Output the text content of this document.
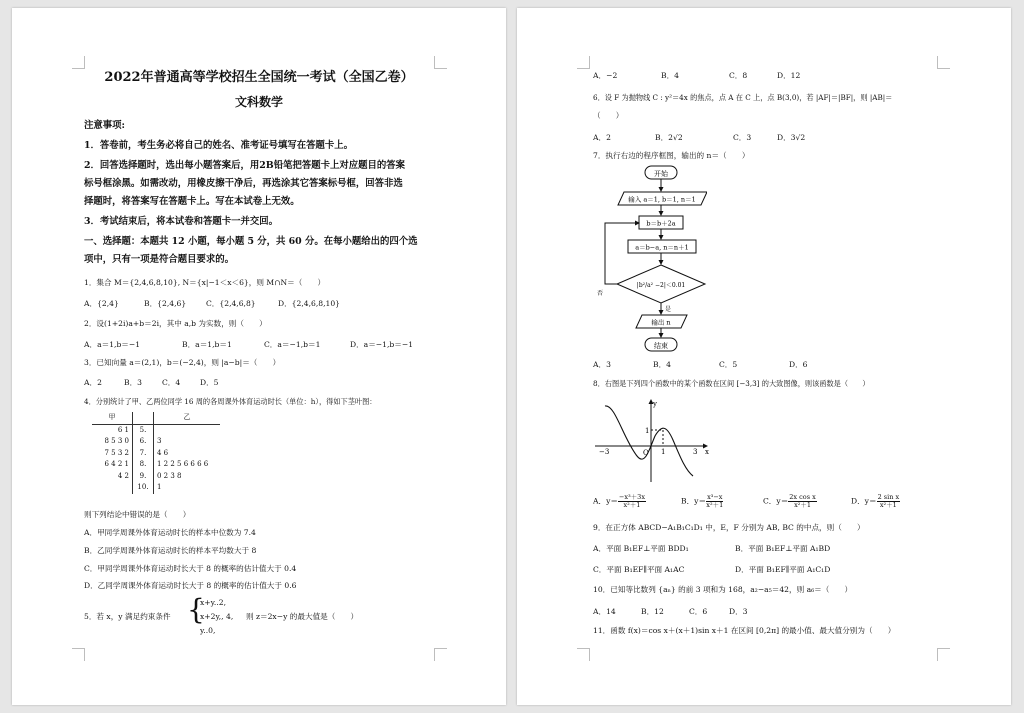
2022年普通高等学校招生全国统一考试（全国乙卷）
文科数学
注意事项:
1．答卷前，考生务必将自己的姓名、准考证号填写在答题卡上。
2．回答选择题时，选出每小题答案后，用2B铅笔把答题卡上对应题目的答案
标号框涂黑。如需改动，用橡皮擦干净后，再选涂其它答案标号框，回答非选
择题时，将答案写在答题卡上。写在本试卷上无效。
3．考试结束后，将本试卷和答题卡一并交回。
一、选择题：本题共 12 小题，每小题 5 分，共 60 分。在每小题给出的四个选
项中，只有一项是符合题目要求的。
1．集合 M＝{2,4,6,8,10}, N＝{x|−1＜x＜6}，则 M∩N＝（　　）
A．{2,4}	B．{2,4,6}	C．{2,4,6,8}	D．{2,4,6,8,10}
2．设(1+2i)a+b＝2i，其中 a,b 为实数，则（　　）
A．a＝1,b＝−1	B．a＝1,b＝1	C．a＝−1,b＝1	D．a＝−1,b＝−1
3．已知向量 a＝(2,1)，b＝(−2,4)，则 |a−b|＝（　　）
A．2	B．3	C．4	D．5
4．分别统计了甲、乙两位同学 16 周的各周课外体育运动时长（单位：h），得如下茎叶图：
甲		乙
6 1	5.	
8 5 3 0	6.	3
7 5 3 2	7.	4 6
6 4 2 1	8.	1 2 2 5 6 6 6 6
4 2	9.	0 2 3 8
	10.	1
则下列结论中错误的是（　　）
A．甲同学周课外体育运动时长的样本中位数为 7.4
B．乙同学周课外体育运动时长的样本平均数大于 8
C．甲同学周课外体育运动时长大于 8 的概率的估计值大于 0.4
D．乙同学周课外体育运动时长大于 8 的概率的估计值大于 0.6
5．若 x，y 满足约束条件 {
x+y..2,
x+2y,, 4,
y..0,
则 z＝2x−y 的最大值是（　　）
A．−2	B．4	C．8	D．12
6．设 F 为抛物线 C : y²＝4x 的焦点，点 A 在 C 上，点 B(3,0)，若 |AF|＝|BF|，则 |AB|＝
（　　）
A．2	B．2√2	C．3	D．3√2
7．执行右边的程序框图，输出的 n＝（　　）
开始
输入 a＝1, b＝1, n＝1
b＝b＋2a
a＝b−a, n＝n＋1
|b²/a² −2|＜0.01
否
是
输出 n
结束
A．3	B．4	C．5	D．6
8．右图是下列四个函数中的某个函数在区间 [−3,3] 的大致图像，则该函数是（　　）
y
x
1
O
−3	1	3
A．$y= \frac{\text{−x³＋3x}}{\text{x²＋1}}$	B．$y= \frac{\text{x³−x}}{\text{x²＋1}}$	C．$y= \frac{\text{2x cos x}}{\text{x²＋1}}$	D．$y= \frac{\text{2 sin x}}{\text{x²＋1}}$
9．在正方体 ABCD−A₁B₁C₁D₁ 中，E，F 分别为 AB, BC 的中点，则（　　）
A．平面 B₁EF⊥平面 BDD₁	B．平面 B₁EF⊥平面 A₁BD
C．平面 B₁EF∥平面 A₁AC	D．平面 B₁EF∥平面 A₁C₁D
10．已知等比数列 {aₙ} 的前 3 项和为 168，a₂−a₅＝42，则 a₆＝（　　）
A．14	B．12	C．6	D．3
11．函数 f(x)＝cos x＋(x＋1)sin x＋1 在区间 [0,2π] 的最小值、最大值分别为（　　）
